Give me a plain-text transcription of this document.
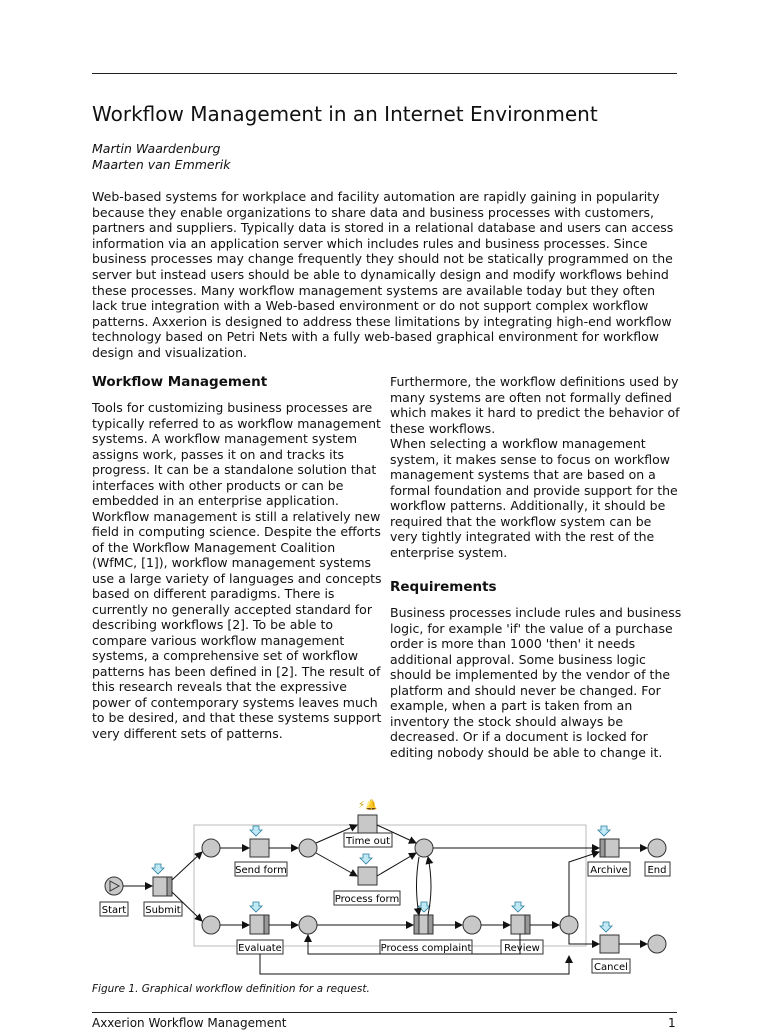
Workflow Management in an Internet Environment
Martin Waardenburg
Maarten van Emmerik

Web-based systems for workplace and facility automation are rapidly gaining in popularity because they enable organizations to share data and business processes with customers, partners and suppliers. Typically data is stored in a relational database and users can access information via an application server which includes rules and business processes. Since business processes may change frequently they should not be statically programmed on the server but instead users should be able to dynamically design and modify workflows behind these processes. Many workflow management systems are available today but they often lack true integration with a Web-based environment or do not support complex workflow patterns. Axxerion is designed to address these limitations by integrating high-end workflow technology based on Petri Nets with a fully web-based graphical environment for workflow design and visualization.

Workflow Management

Tools for customizing business processes are typically referred to as workflow management systems. A workflow management system assigns work, passes it on and tracks its progress. It can be a standalone solution that interfaces with other products or can be embedded in an enterprise application.

Workflow management is still a relatively new field in computing science. Despite the efforts of the Workflow Management Coalition (WfMC, [1]), workflow management systems use a large variety of languages and concepts based on different paradigms. There is currently no generally accepted standard for describing workflows [2]. To be able to compare various workflow management systems, a comprehensive set of workflow patterns has been defined in [2]. The result of this research reveals that the expressive power of contemporary systems leaves much to be desired, and that these systems support very different sets of patterns.

Furthermore, the workflow definitions used by many systems are often not formally defined which makes it hard to predict the behavior of these workflows.

When selecting a workflow management system, it makes sense to focus on workflow management systems that are based on a formal foundation and provide support for the workflow patterns. Additionally, it should be required that the workflow system can be very tightly integrated with the rest of the enterprise system.

Requirements

Business processes include rules and business logic, for example 'if' the value of a purchase order is more than 1000 'then' it needs additional approval. Some business logic should be implemented by the vendor of the platform and should never be changed. For example, when a part is taken from an inventory the stock should always be decreased. Or if a document is locked for editing nobody should be able to change it.

Start Submit
Send form
⚡🔔
Time out
Process form
Evaluate	Process complaint	Review
Archive End
Cancel
Figure 1. Graphical workflow definition for a request.
Axxerion Workflow Management	1
